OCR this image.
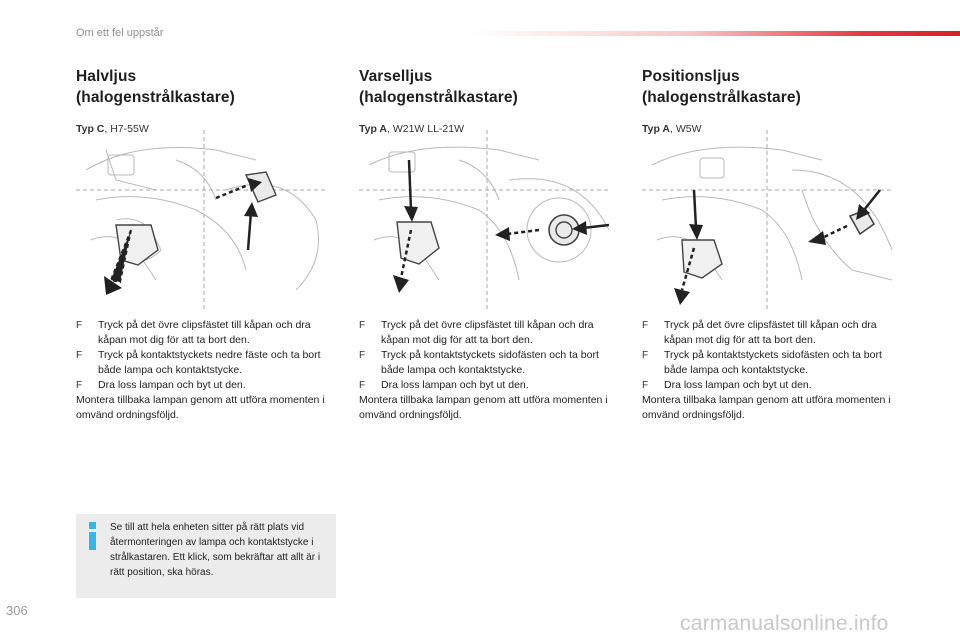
Om ett fel uppstår
Halvljus
(halogenstrålkastare)
Typ C, H7-55W
F Tryck på det övre clipsfästet till kåpan och dra kåpan mot dig för att ta bort den.
F Tryck på kontaktstyckets nedre fäste och ta bort både lampa och kontaktstycke.
F Dra loss lampan och byt ut den.
Montera tillbaka lampan genom att utföra momenten i omvänd ordningsföljd.
Varselljus
(halogenstrålkastare)
Typ A, W21W LL-21W
F Tryck på det övre clipsfästet till kåpan och dra kåpan mot dig för att ta bort den.
F Tryck på kontaktstyckets sidofästen och ta bort både lampa och kontaktstycke.
F Dra loss lampan och byt ut den.
Montera tillbaka lampan genom att utföra momenten i omvänd ordningsföljd.
Positionsljus
(halogenstrålkastare)
Typ A, W5W
F Tryck på det övre clipsfästet till kåpan och dra kåpan mot dig för att ta bort den.
F Tryck på kontaktstyckets sidofästen och ta bort både lampa och kontaktstycke.
F Dra loss lampan och byt ut den.
Montera tillbaka lampan genom att utföra momenten i omvänd ordningsföljd.
Se till att hela enheten sitter på rätt plats vid återmonteringen av lampa och kontaktstycke i strålkastaren. Ett klick, som bekräftar att allt är i rätt position, ska höras.
306
carmanualsonline.info
